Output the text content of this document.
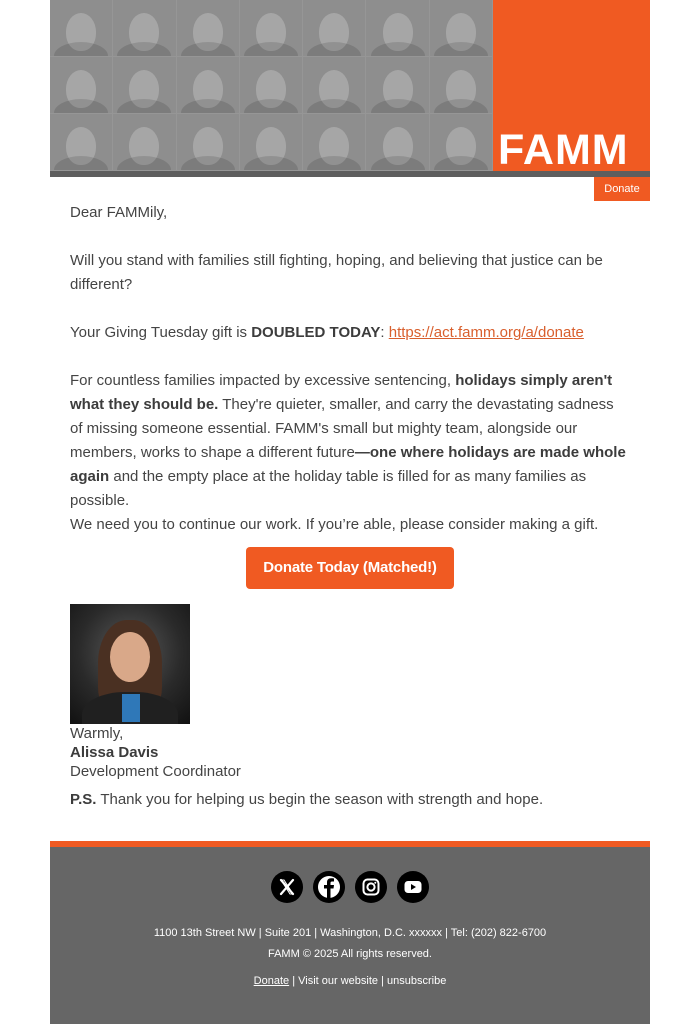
FAMM
Donate

Dear FAMMily,

Will you stand with families still fighting, hoping, and believing that justice can be different?

Your Giving Tuesday gift is DOUBLED TODAY: https://act.famm.org/a/donate

For countless families impacted by excessive sentencing, holidays simply aren't what they should be. They're quieter, smaller, and carry the devastating sadness of missing someone essential. FAMM's small but mighty team, alongside our members, works to shape a different future—one where holidays are made whole again and the empty place at the holiday table is filled for as many families as possible.

We need you to continue our work. If you’re able, please consider making a gift.

Donate Today (Matched!)
Warmly,
Alissa Davis
Development Coordinator

P.S. Thank you for helping us begin the season with strength and hope.

1100 13th Street NW | Suite 201 | Washington, D.C. xxxxxx | Tel: (202) 822-6700
FAMM © 2025 All rights reserved.
Donate | Visit our website | unsubscribe
